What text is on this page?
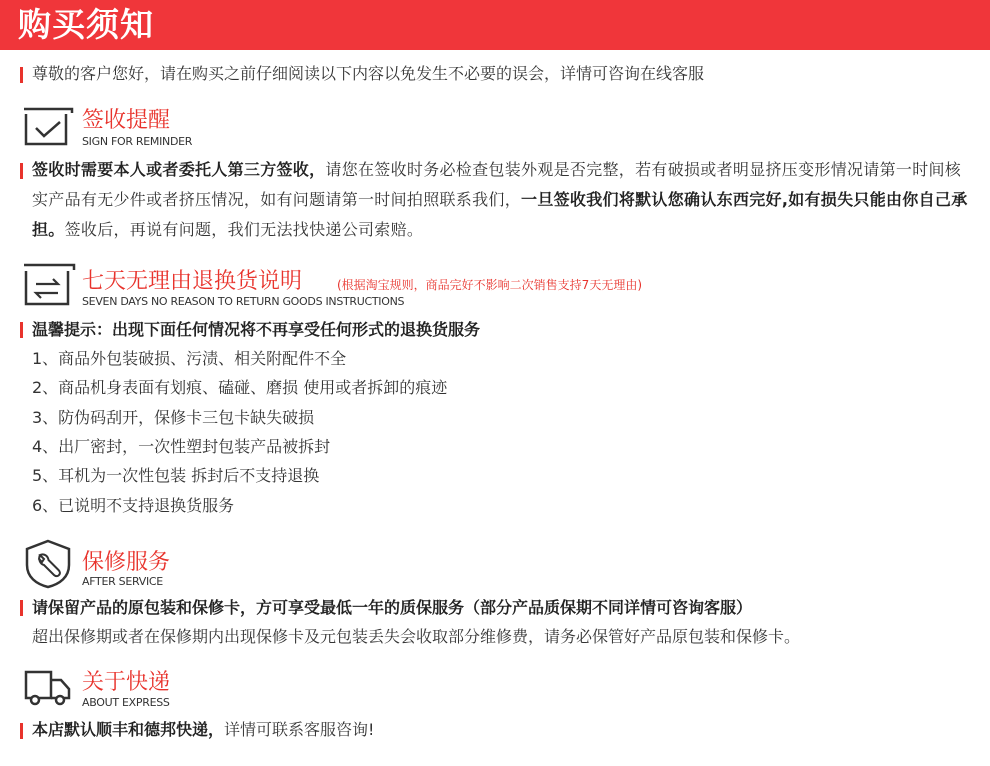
购买须知
尊敬的客户您好，请在购买之前仔细阅读以下内容以免发生不必要的误会，详情可咨询在线客服
签收提醒
SIGN FOR REMINDER
签收时需要本人或者委托人第三方签收，请您在签收时务必检查包装外观是否完整，若有破损或者明显挤压变形情况请第一时间核实产品有无少件或者挤压情况，如有问题请第一时间拍照联系我们，一旦签收我们将默认您确认东西完好,如有损失只能由你自己承担。签收后，再说有问题，我们无法找快递公司索赔。
七天无理由退换货说明	(根据淘宝规则，商品完好不影响二次销售支持7天无理由)
SEVEN DAYS NO REASON TO RETURN GOODS INSTRUCTIONS
温馨提示：出现下面任何情况将不再享受任何形式的退换货服务
1、商品外包装破损、污渍、相关附配件不全
2、商品机身表面有划痕、磕碰、磨损 使用或者拆卸的痕迹
3、防伪码刮开，保修卡三包卡缺失破损
4、出厂密封，一次性塑封包装产品被拆封
5、耳机为一次性包装 拆封后不支持退换
6、已说明不支持退换货服务
保修服务
AFTER SERVICE
请保留产品的原包装和保修卡，方可享受最低一年的质保服务（部分产品质保期不同详情可咨询客服）
超出保修期或者在保修期内出现保修卡及元包装丢失会收取部分维修费，请务必保管好产品原包装和保修卡。
关于快递
ABOUT EXPRESS
本店默认顺丰和德邦快递，详情可联系客服咨询!
